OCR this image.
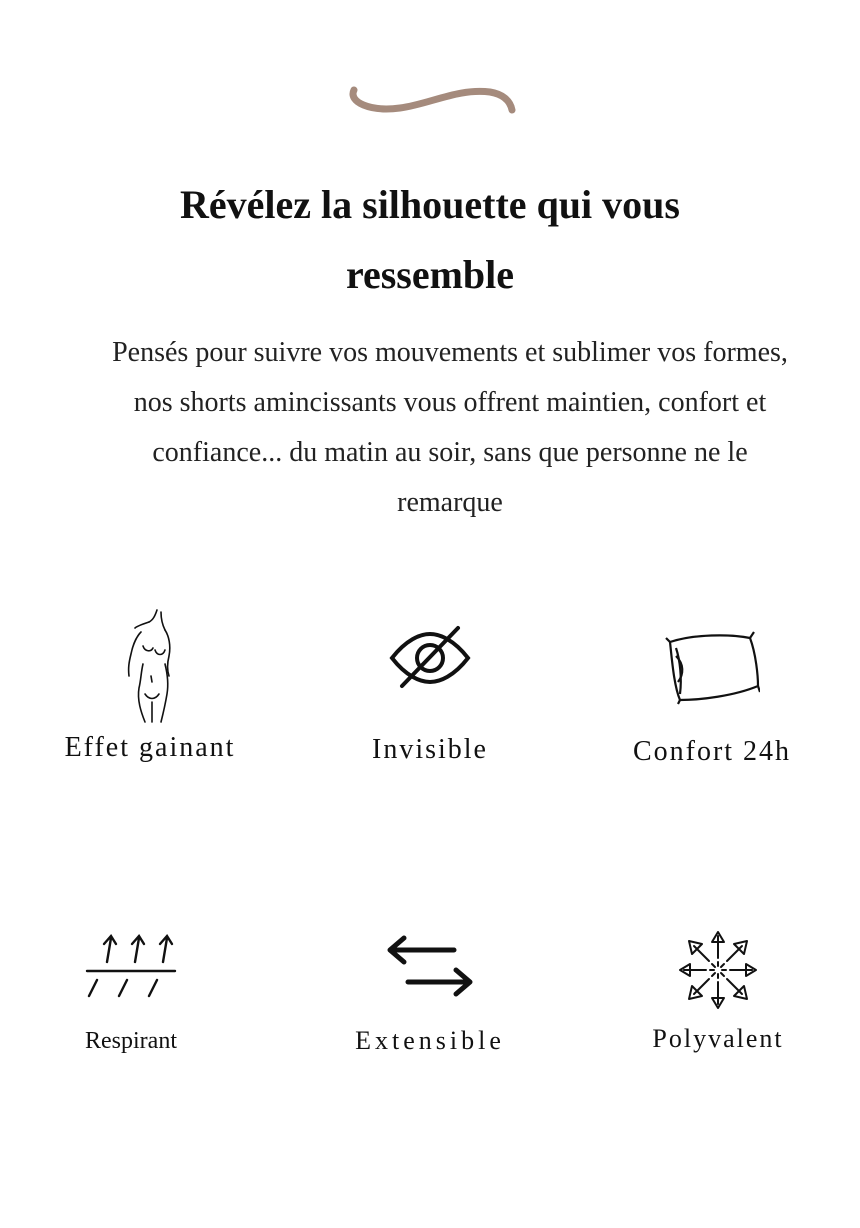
Révélez la silhouette qui vous ressemble

Pensés pour suivre vos mouvements et sublimer vos formes, nos shorts amincissants vous offrent maintien, confort et confiance... du matin au soir, sans que personne ne le remarque

Effet gainant	Invisible	Confort 24h
Respirant	Extensible	Polyvalent
